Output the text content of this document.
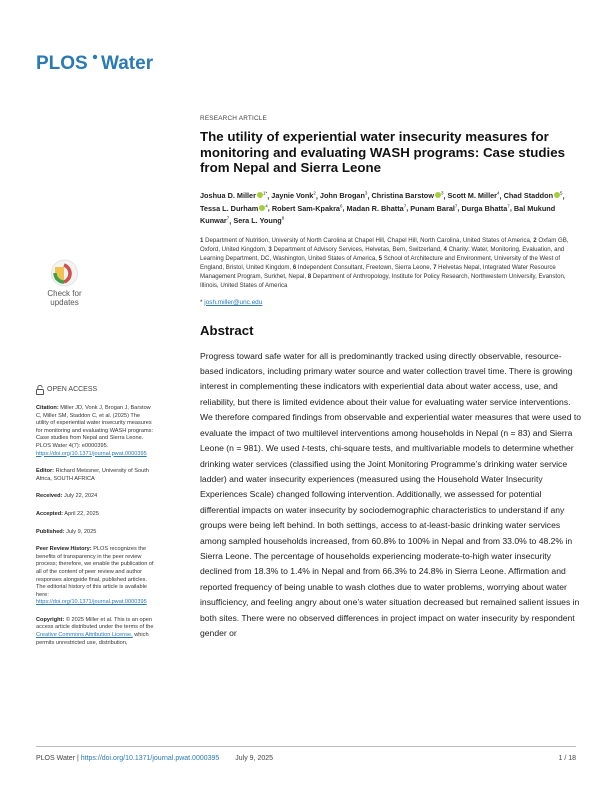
PLOS Water
Check for
updates
OPEN ACCESS
Citation: Miller JD, Vonk J, Brogan J, Barstow C, Miller SM, Staddon C, et al. (2025) The utility of experiential water insecurity measures for monitoring and evaluating WASH programs: Case studies from Nepal and Sierra Leone. PLOS Water 4(7): e0000395. https://doi.org/10.1371/journal.pwat.0000395
Editor: Richard Meissner, University of South Africa, SOUTH AFRICA
Received: July 22, 2024
Accepted: April 22, 2025
Published: July 9, 2025
Peer Review History: PLOS recognizes the benefits of transparency in the peer review process; therefore, we enable the publication of all of the content of peer review and author responses alongside final, published articles. The editorial history of this article is available here: https://doi.org/10.1371/journal.pwat.0000395
Copyright: © 2025 Miller et al. This is an open access article distributed under the terms of the Creative Commons Attribution License, which permits unrestricted use, distribution,
RESEARCH ARTICLE
The utility of experiential water insecurity measures for monitoring and evaluating WASH programs: Case studies from Nepal and Sierra Leone
Joshua D. Miller $^{1*}$, Jaynie Vonk$^2$, John Brogan$^3$, Christina Barstow $^3$, Scott M. Miller$^4$, Chad Staddon $^5$, Tessa L. Durham $^4$, Robert Sam-Kpakra$^6$, Madan R. Bhatta$^7$, Punam Baral$^7$, Durga Bhatta$^7$, Bal Mukund Kunwar$^7$, Sera L. Young$^8$
1 Department of Nutrition, University of North Carolina at Chapel Hill, Chapel Hill, North Carolina, United States of America, 2 Oxfam GB, Oxford, United Kingdom, 3 Department of Advisory Services, Helvetas, Bern, Switzerland, 4 Charity: Water, Monitoring, Evaluation, and Learning Department, DC, Washington, United States of America, 5 School of Architecture and Environment, University of the West of England, Bristol, United Kingdom, 6 Independent Consultant, Freetown, Sierra Leone, 7 Helvetas Nepal, Integrated Water Resource Management Program, Surkhet, Nepal, 8 Department of Anthropology, Institute for Policy Research, Northwestern University, Evanston, Illinois, United States of America
* josh.miller@unc.edu
Abstract

Progress toward safe water for all is predominantly tracked using directly observable, resource-based indicators, including primary water source and water collection travel time. There is growing interest in complementing these indicators with experiential data about water access, use, and reliability, but there is limited evidence about their value for evaluating water service interventions. We therefore compared findings from observable and experiential water measures that were used to evaluate the impact of two multilevel interventions among households in Nepal (n = 83) and Sierra Leone (n = 981). We used t-tests, chi-square tests, and multivariable models to determine whether drinking water services (classified using the Joint Monitoring Programme’s drinking water service ladder) and water insecurity experiences (measured using the Household Water Insecurity Experiences Scale) changed following intervention. Additionally, we assessed for potential differential impacts on water insecurity by sociodemographic characteristics to understand if any groups were being left behind. In both settings, access to at-least-basic drinking water services among sampled households increased, from 60.8% to 100% in Nepal and from 33.0% to 48.2% in Sierra Leone. The percentage of households experiencing moderate-to-high water insecurity declined from 18.3% to 1.4% in Nepal and from 66.3% to 24.8% in Sierra Leone. Affirmation and reported frequency of being unable to wash clothes due to water problems, worrying about water insufficiency, and feeling angry about one’s water situation decreased but remained salient issues in both sites. There were no observed differences in project impact on water insecurity by respondent gender or

PLOS Water | https://doi.org/10.1371/journal.pwat.0000395 July 9, 2025	1 / 18
